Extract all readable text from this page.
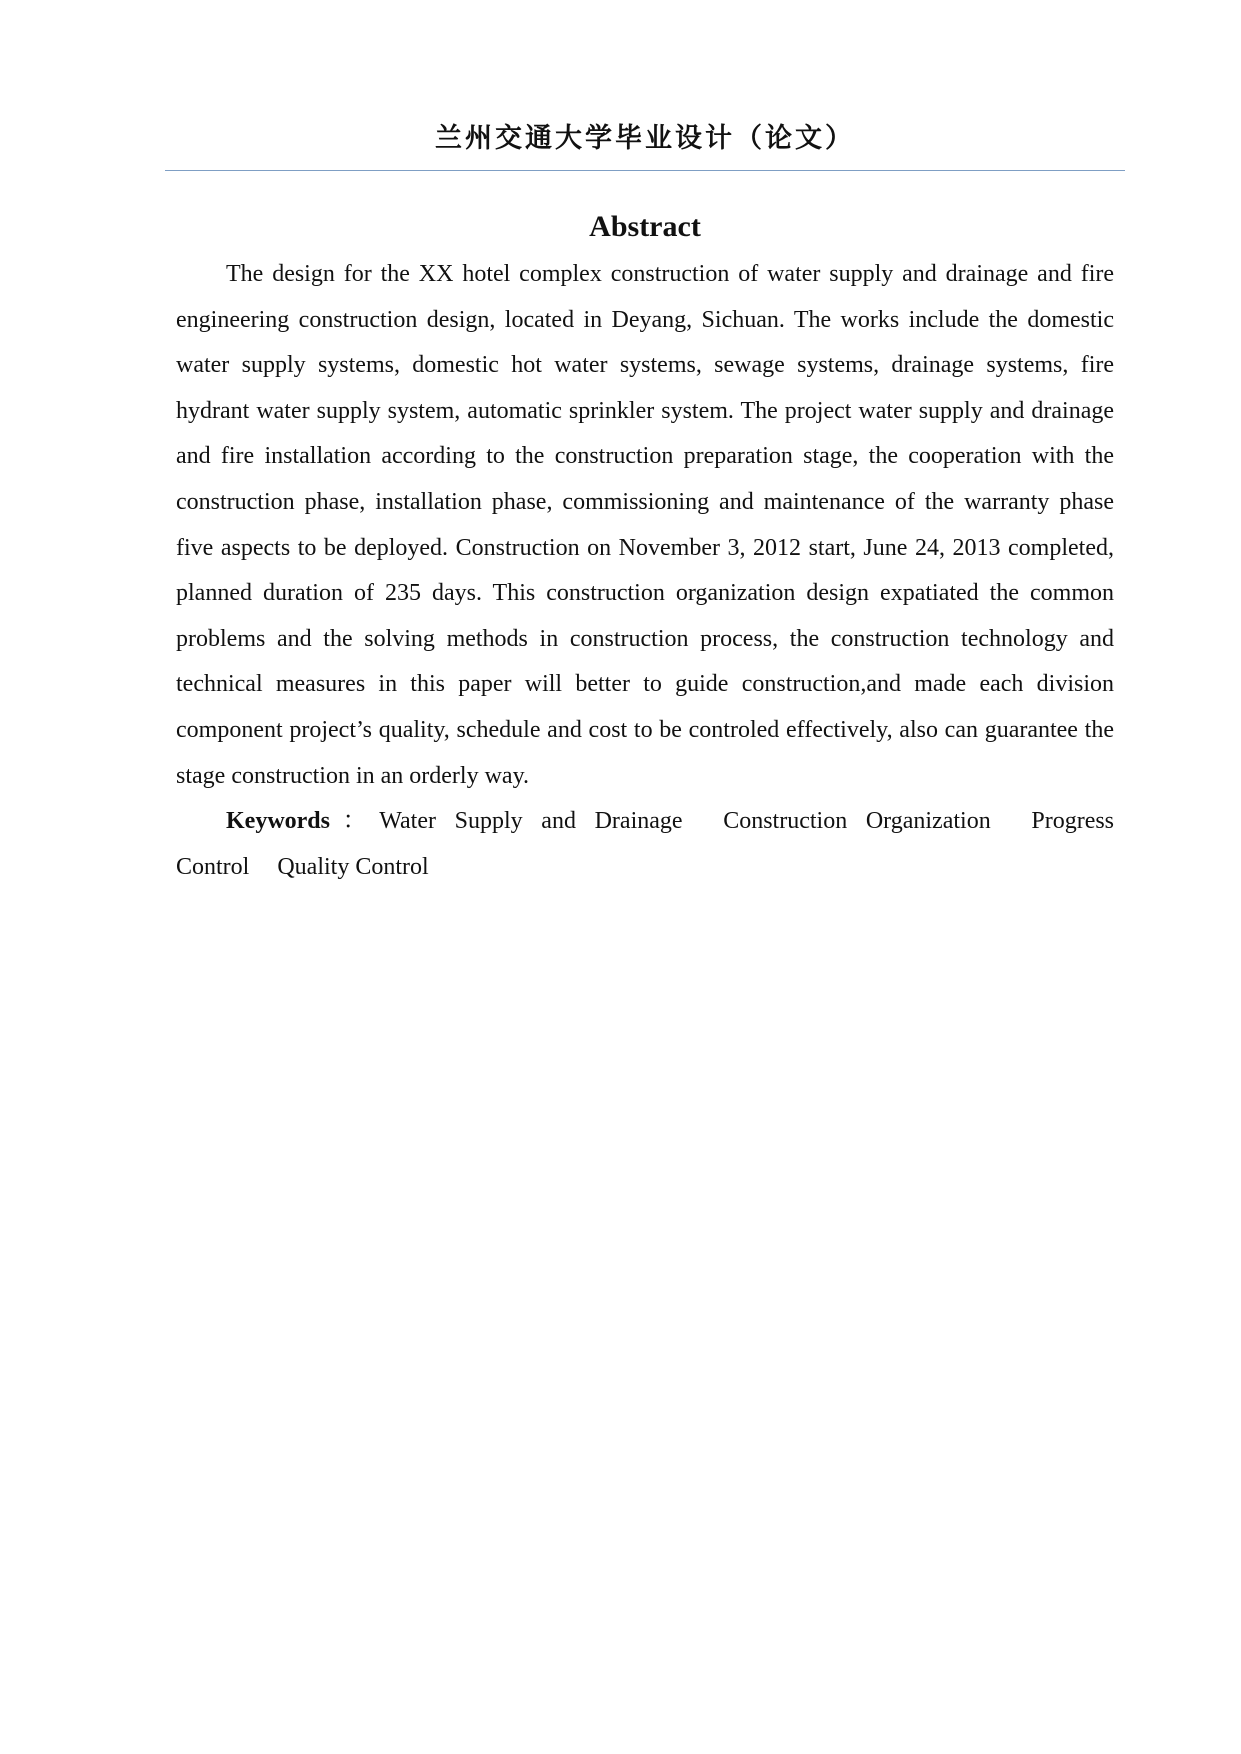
兰州交通大学毕业设计（论文）
Abstract

The design for the XX hotel complex construction of water supply and drainage and fire engineering construction design, located in Deyang, Sichuan. The works include the domestic water supply systems, domestic hot water systems, sewage systems, drainage systems, fire hydrant water supply system, automatic sprinkler system. The project water supply and drainage and fire installation according to the construction preparation stage, the cooperation with the construction phase, installation phase, commissioning and maintenance of the warranty phase five aspects to be deployed. Construction on November 3, 2012 start, June 24, 2013 completed, planned duration of 235 days. This construction organization design expatiated the common problems and the solving methods in construction process, the construction technology and technical measures in this paper will better to guide construction,and made each division component project’s quality, schedule and cost to be controled effectively, also can guarantee the stage construction in an orderly way.

Keywords：Water Supply and Drainage Construction Organization Progress Control Quality Control
